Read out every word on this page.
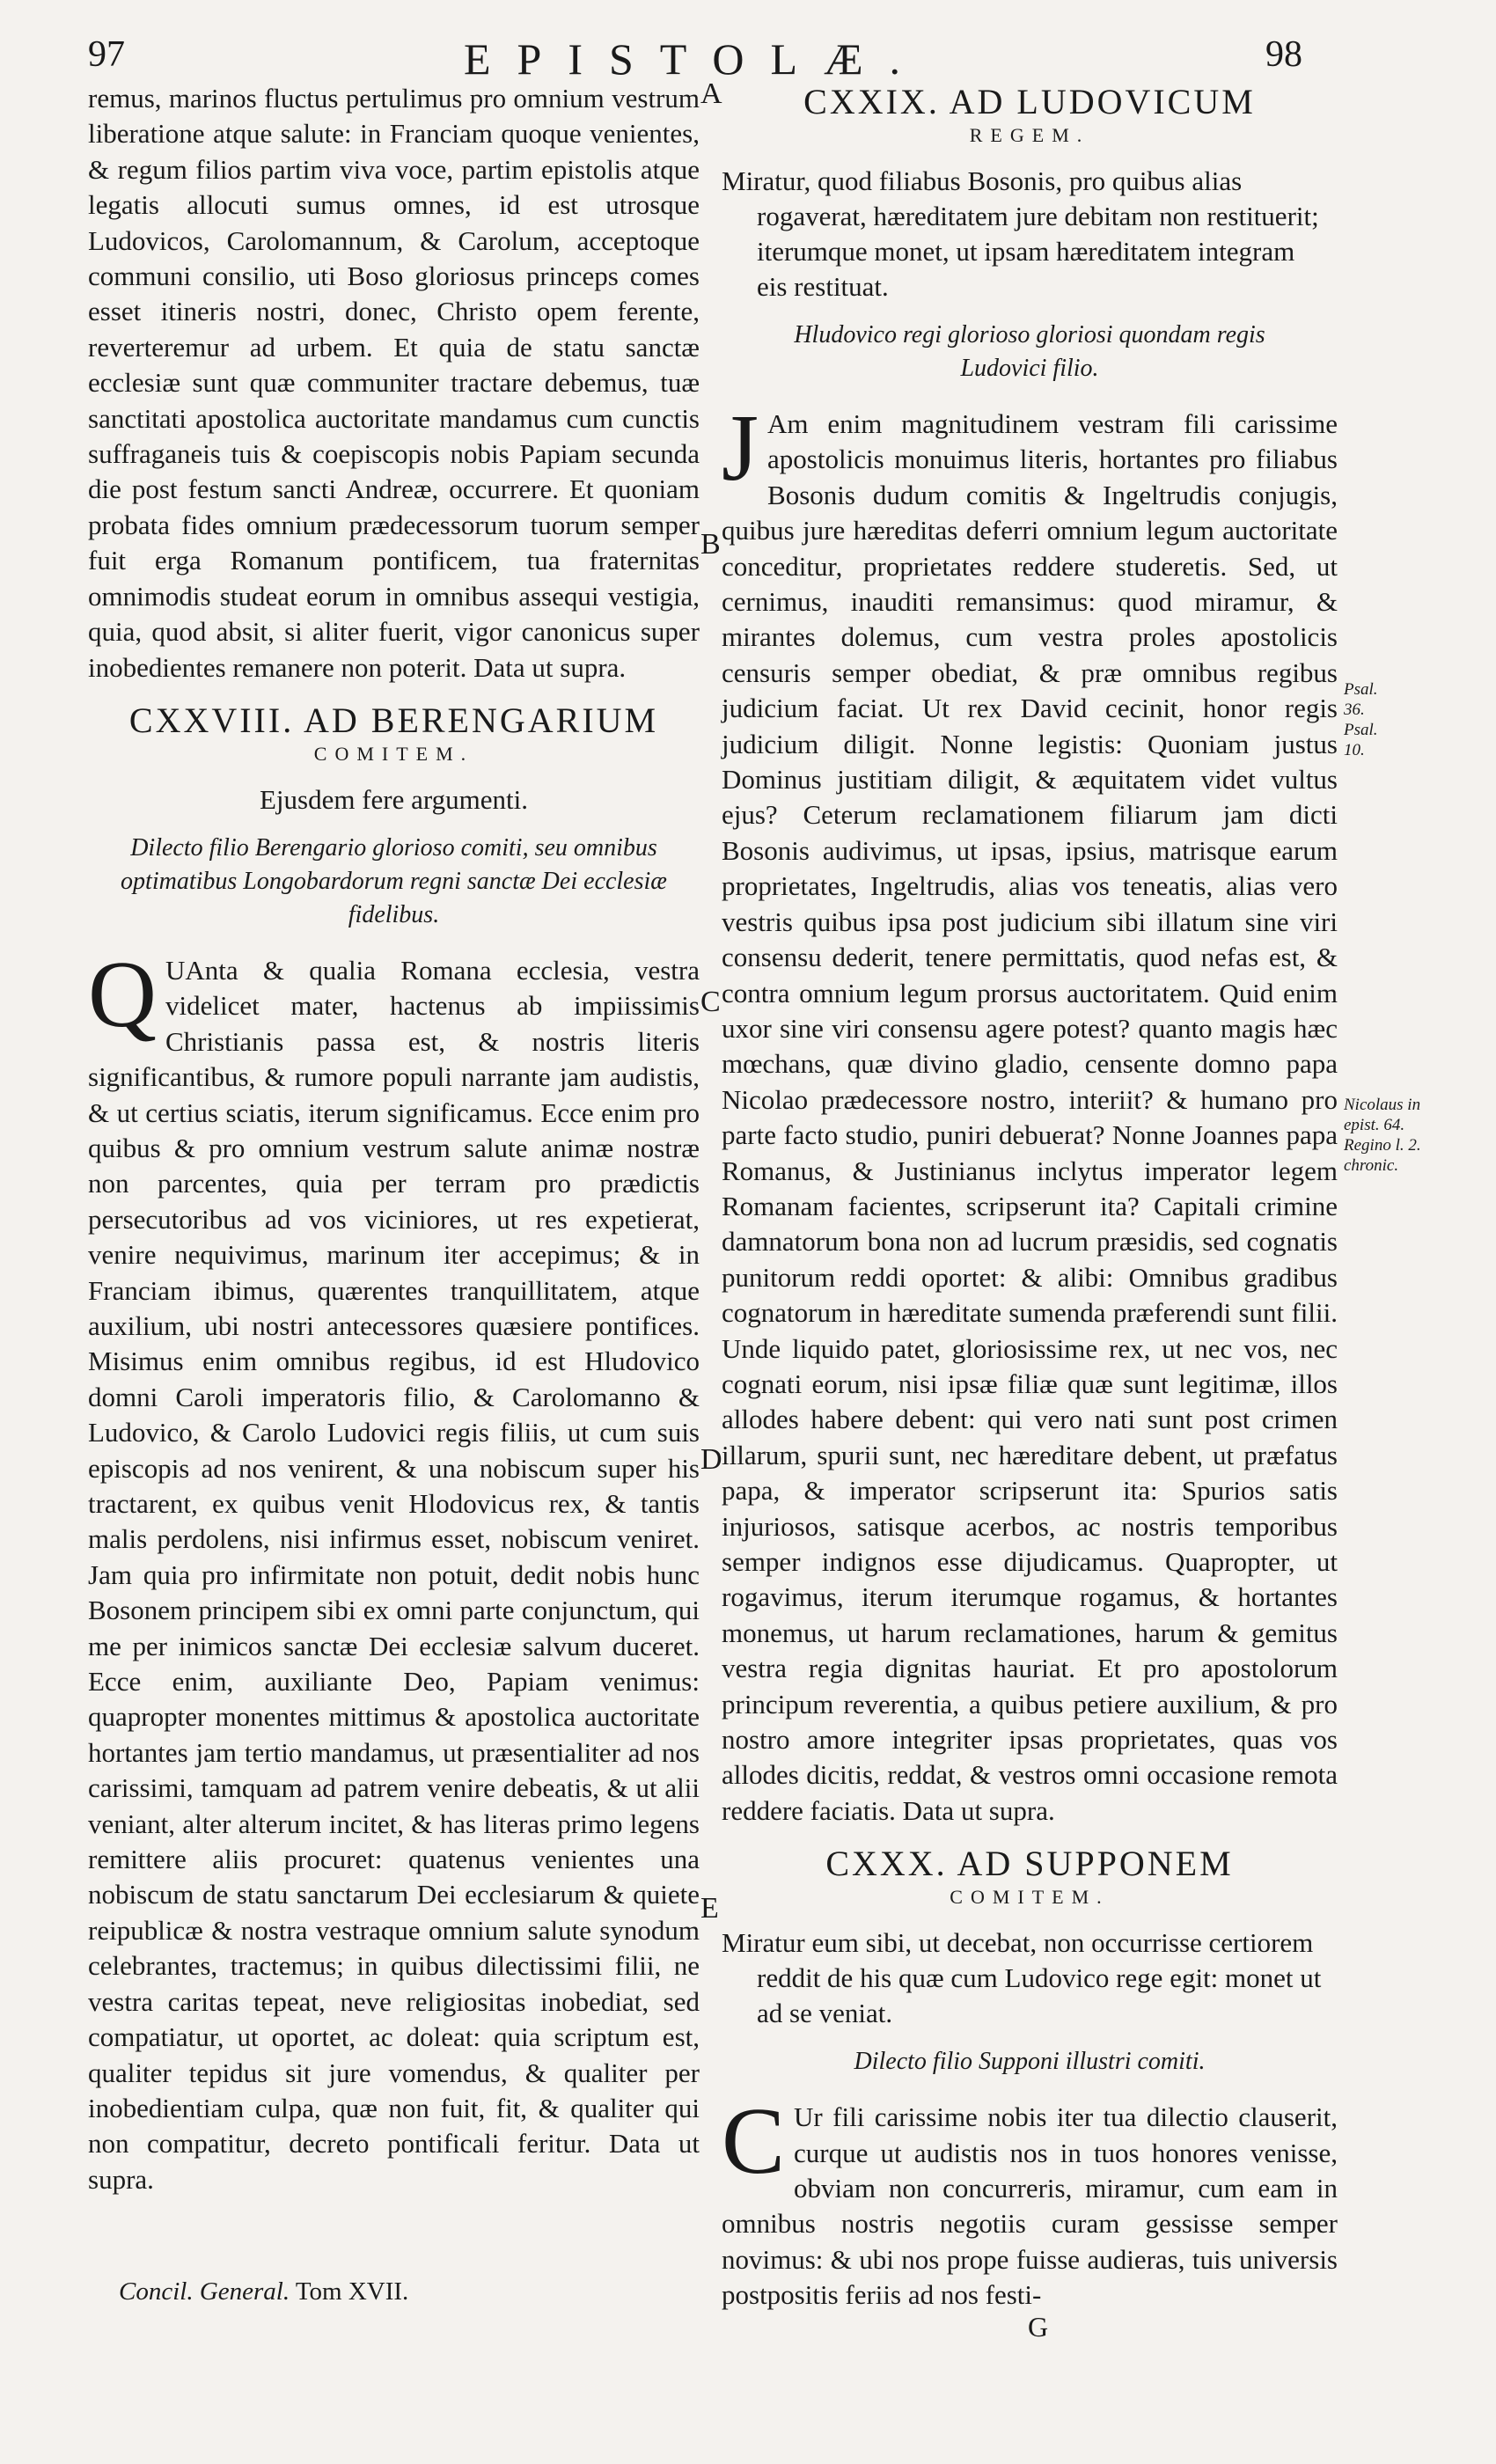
97	EPISTOLÆ.	98

remus, marinos fluctus pertulimus pro omnium vestrum liberatione atque salute: in Franciam quoque venientes, & regum filios partim viva voce, partim epistolis atque legatis allocuti sumus omnes, id est utrosque Ludovicos, Carolomannum, & Carolum, acceptoque communi consilio, uti Boso gloriosus princeps comes esset itineris nostri, donec, Christo opem ferente, reverteremur ad urbem. Et quia de statu sanctæ ecclesiæ sunt quæ communiter tractare debemus, tuæ sanctitati apostolica auctoritate mandamus cum cunctis suffraganeis tuis & coepiscopis nobis Papiam secunda die post festum sancti Andreæ, occurrere. Et quoniam probata fides omnium prædecessorum tuorum semper fuit erga Romanum pontificem, tua fraternitas omnimodis studeat eorum in omnibus assequi vestigia, quia, quod absit, si aliter fuerit, vigor canonicus super inobedientes remanere non poterit. Data ut supra.

CXXVIII. AD BERENGARIUM
COMITEM.
Ejusdem fere argumenti.
Dilecto filio Berengario glorioso comiti, seu omnibus optimatibus Longobardorum regni sanctæ Dei ecclesiæ fidelibus.
Q UAnta & qualia Romana ecclesia, vestra videlicet mater, hactenus ab impiissimis Christianis passa est, & nostris literis significantibus, & rumore populi narrante jam audistis, & ut certius sciatis, iterum significamus. Ecce enim pro quibus & pro omnium vestrum salute animæ nostræ non parcentes, quia per terram pro prædictis persecutoribus ad vos viciniores, ut res expetierat, venire nequivimus, marinum iter accepimus; & in Franciam ibimus, quærentes tranquillitatem, atque auxilium, ubi nostri antecessores quæsiere pontifices. Misimus enim omnibus regibus, id est Hludovico domni Caroli imperatoris filio, & Carolomanno & Ludovico, & Carolo Ludovici regis filiis, ut cum suis episcopis ad nos venirent, & una nobiscum super his tractarent, ex quibus venit Hlodovicus rex, & tantis malis perdolens, nisi infirmus esset, nobiscum veniret. Jam quia pro infirmitate non potuit, dedit nobis hunc Bosonem principem sibi ex omni parte conjunctum, qui me per inimicos sanctæ Dei ecclesiæ salvum duceret. Ecce enim, auxiliante Deo, Papiam venimus: quapropter monentes mittimus & apostolica auctoritate hortantes jam tertio mandamus, ut præsentialiter ad nos carissimi, tamquam ad patrem venire debeatis, & ut alii veniant, alter alterum incitet, & has literas primo legens remittere aliis procuret: quatenus venientes una nobiscum de statu sanctarum Dei ecclesiarum & quiete reipublicæ & nostra vestraque omnium salute synodum celebrantes, tractemus; in quibus dilectissimi filii, ne vestra caritas tepeat, neve religiositas inobediat, sed compatiatur, ut oportet, ac doleat: quia scriptum est, qualiter tepidus sit jure vomendus, & qualiter per inobedientiam culpa, quæ non fuit, fit, & qualiter qui non compatitur, decreto pontificali feritur. Data ut supra.

CXXIX. AD LUDOVICUM
REGEM.
Miratur, quod filiabus Bosonis, pro quibus alias rogaverat, hæreditatem jure debitam non restituerit; iterumque monet, ut ipsam hæreditatem integram eis restituat.
Hludovico regi glorioso gloriosi quondam regis Ludovici filio.
J Am enim magnitudinem vestram fili carissime apostolicis monuimus literis, hortantes pro filiabus Bosonis dudum comitis & Ingeltrudis conjugis, quibus jure hæreditas deferri omnium legum auctoritate conceditur, proprietates reddere studeretis. Sed, ut cernimus, inauditi remansimus: quod miramur, & mirantes dolemus, cum vestra proles apostolicis censuris semper obediat, & præ omnibus regibus judicium faciat. Ut rex David cecinit, honor regis judicium diligit. Nonne legistis: Quoniam justus Dominus justitiam diligit, & æquitatem videt vultus ejus? Ceterum reclamationem filiarum jam dicti Bosonis audivimus, ut ipsas, ipsius, matrisque earum proprietates, Ingeltrudis, alias vos teneatis, alias vero vestris quibus ipsa post judicium sibi illatum sine viri consensu dederit, tenere permittatis, quod nefas est, & contra omnium legum prorsus auctoritatem. Quid enim uxor sine viri consensu agere potest? quanto magis hæc mœchans, quæ divino gladio, censente domno papa Nicolao prædecessore nostro, interiit? & humano pro parte facto studio, puniri debuerat? Nonne Joannes papa Romanus, & Justinianus inclytus imperator legem Romanam facientes, scripserunt ita? Capitali crimine damnatorum bona non ad lucrum præsidis, sed cognatis punitorum reddi oportet: & alibi: Omnibus gradibus cognatorum in hæreditate sumenda præferendi sunt filii. Unde liquido patet, gloriosissime rex, ut nec vos, nec cognati eorum, nisi ipsæ filiæ quæ sunt legitimæ, illos allodes habere debent: qui vero nati sunt post crimen illarum, spurii sunt, nec hæreditare debent, ut præfatus papa, & imperator scripserunt ita: Spurios satis injuriosos, satisque acerbos, ac nostris temporibus semper indignos esse dijudicamus. Quapropter, ut rogavimus, iterum iterumque rogamus, & hortantes monemus, ut harum reclamationes, harum & gemitus vestra regia dignitas hauriat. Et pro apostolorum principum reverentia, a quibus petiere auxilium, & pro nostro amore integriter ipsas proprietates, quas vos allodes dicitis, reddat, & vestros omni occasione remota reddere faciatis. Data ut supra.

CXXX. AD SUPPONEM
COMITEM.
Miratur eum sibi, ut decebat, non occurrisse certiorem reddit de his quæ cum Ludovico rege egit: monet ut ad se veniat.
Dilecto filio Supponi illustri comiti.
C Ur fili carissime nobis iter tua dilectio clauserit, curque ut audistis nos in tuos honores venisse, obviam non concurreris, miramur, cum eam in omnibus nostris negotiis curam gessisse semper novimus: & ubi nos prope fuisse audieras, tuis universis postpositis feriis ad nos festi-

A
B
C
D
E
Psal. 36. Psal. 10.
Nicolaus in epist. 64. Regino l. 2. chronic.
Concil. General. Tom XVII.
G
